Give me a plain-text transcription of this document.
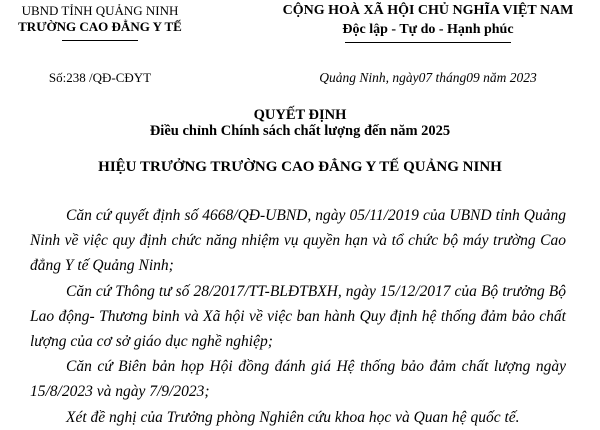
UBND TỈNH QUẢNG NINH
TRƯỜNG CAO ĐẲNG Y TẾ
Số:238 /QĐ-CĐYT
CỘNG HOÀ XÃ HỘI CHỦ NGHĨA VIỆT NAM
Độc lập - Tự do - Hạnh phúc
Quảng Ninh, ngày07 tháng09 năm 2023
QUYẾT ĐỊNH
Điều chỉnh Chính sách chất lượng đến năm 2025
HIỆU TRƯỞNG TRƯỜNG CAO ĐẲNG Y TẾ QUẢNG NINH

Căn cứ quyết định số 4668/QĐ-UBND, ngày 05/11/2019 của UBND tỉnh Quảng Ninh về việc quy định chức năng nhiệm vụ quyền hạn và tổ chức bộ máy trường Cao đẳng Y tế Quảng Ninh;

Căn cứ Thông tư số 28/2017/TT-BLĐTBXH, ngày 15/12/2017 của Bộ trưởng Bộ Lao động- Thương binh và Xã hội về việc ban hành Quy định hệ thống đảm bảo chất lượng của cơ sở giáo dục nghề nghiệp;

Căn cứ Biên bản họp Hội đồng đánh giá Hệ thống bảo đảm chất lượng ngày 15/8/2023 và ngày 7/9/2023;

Xét đề nghị của Trưởng phòng Nghiên cứu khoa học và Quan hệ quốc tế.
